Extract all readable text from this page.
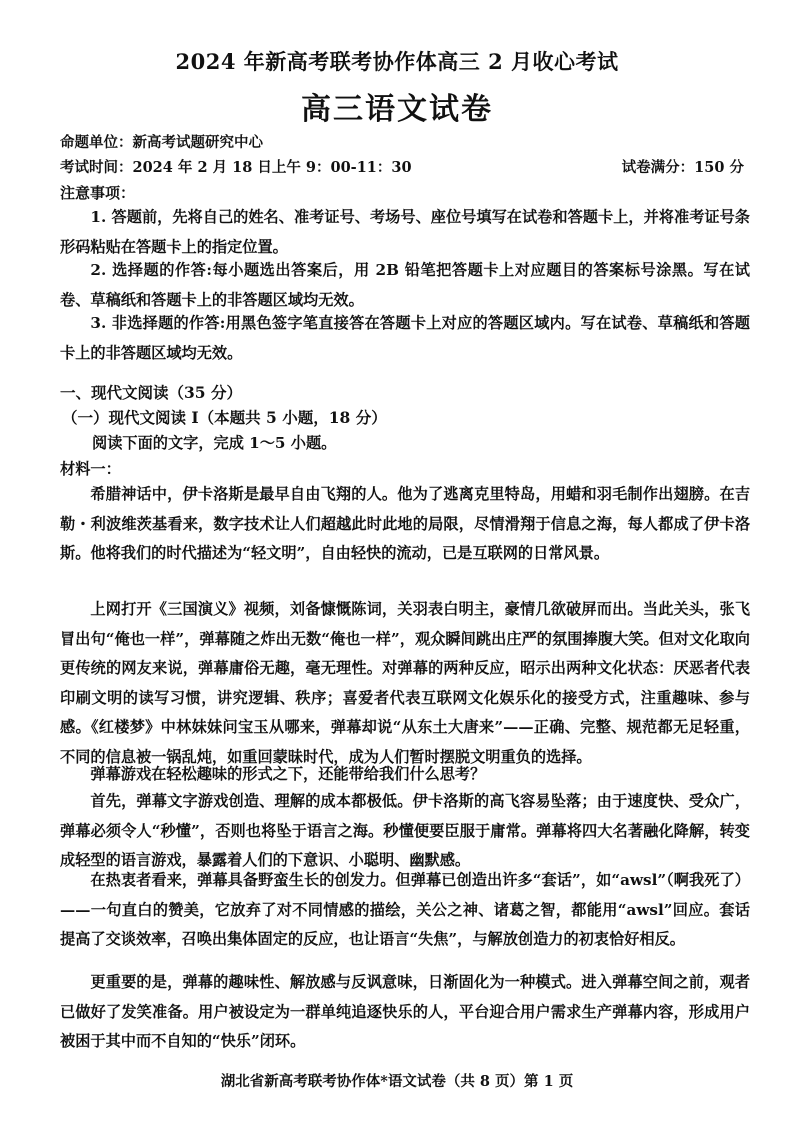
2024 年新高考联考协作体高三 2 月收心考试
高三语文试卷
命题单位：新高考试题研究中心
考试时间：2024 年 2 月 18 日上午 9：00-11：30	试卷满分：150 分
注意事项：
1. 答题前，先将自己的姓名、准考证号、考场号、座位号填写在试卷和答题卡上，并将准考证号条形码粘贴在答题卡上的指定位置。
2. 选择题的作答:每小题选出答案后，用 2B 铅笔把答题卡上对应题目的答案标号涂黑。写在试卷、草稿纸和答题卡上的非答题区域均无效。
3. 非选择题的作答:用黑色签字笔直接答在答题卡上对应的答题区域内。写在试卷、草稿纸和答题卡上的非答题区域均无效。
一、现代文阅读（35 分）
（一）现代文阅读 I（本题共 5 小题，18 分）
阅读下面的文字，完成 1～5 小题。
材料一：
希腊神话中，伊卡洛斯是最早自由飞翔的人。他为了逃离克里特岛，用蜡和羽毛制作出翅膀。在吉勒・利波维茨基看来，数字技术让人们超越此时此地的局限，尽情滑翔于信息之海，每人都成了伊卡洛斯。他将我们的时代描述为“轻文明”，自由轻快的流动，已是互联网的日常风景。
上网打开《三国演义》视频，刘备慷慨陈词，关羽表白明主，豪情几欲破屏而出。当此关头，张飞冒出句“俺也一样”，弹幕随之炸出无数“俺也一样”，观众瞬间跳出庄严的氛围捧腹大笑。但对文化取向更传统的网友来说，弹幕庸俗无趣，毫无理性。对弹幕的两种反应，昭示出两种文化状态：厌恶者代表印刷文明的读写习惯，讲究逻辑、秩序；喜爱者代表互联网文化娱乐化的接受方式，注重趣味、参与感。《红楼梦》中林妹妹问宝玉从哪来，弹幕却说“从东土大唐来”——正确、完整、规范都无足轻重，不同的信息被一锅乱炖，如重回蒙昧时代，成为人们暂时摆脱文明重负的选择。
弹幕游戏在轻松趣味的形式之下，还能带给我们什么思考？
首先，弹幕文字游戏创造、理解的成本都极低。伊卡洛斯的高飞容易坠落；由于速度快、受众广，弹幕必须令人“秒懂”，否则也将坠于语言之海。秒懂便要臣服于庸常。弹幕将四大名著融化降解，转变成轻型的语言游戏，暴露着人们的下意识、小聪明、幽默感。
在热衷者看来，弹幕具备野蛮生长的创发力。但弹幕已创造出许多“套话”，如“awsl”（啊我死了）——一句直白的赞美，它放弃了对不同情感的描绘，关公之神、诸葛之智，都能用“awsl”回应。套话提高了交谈效率，召唤出集体固定的反应，也让语言“失焦”，与解放创造力的初衷恰好相反。
更重要的是，弹幕的趣味性、解放感与反讽意味，日渐固化为一种模式。进入弹幕空间之前，观者已做好了发笑准备。用户被设定为一群单纯追逐快乐的人，平台迎合用户需求生产弹幕内容，形成用户被困于其中而不自知的“快乐”闭环。
湖北省新高考联考协作体*语文试卷（共 8 页）第 1 页
